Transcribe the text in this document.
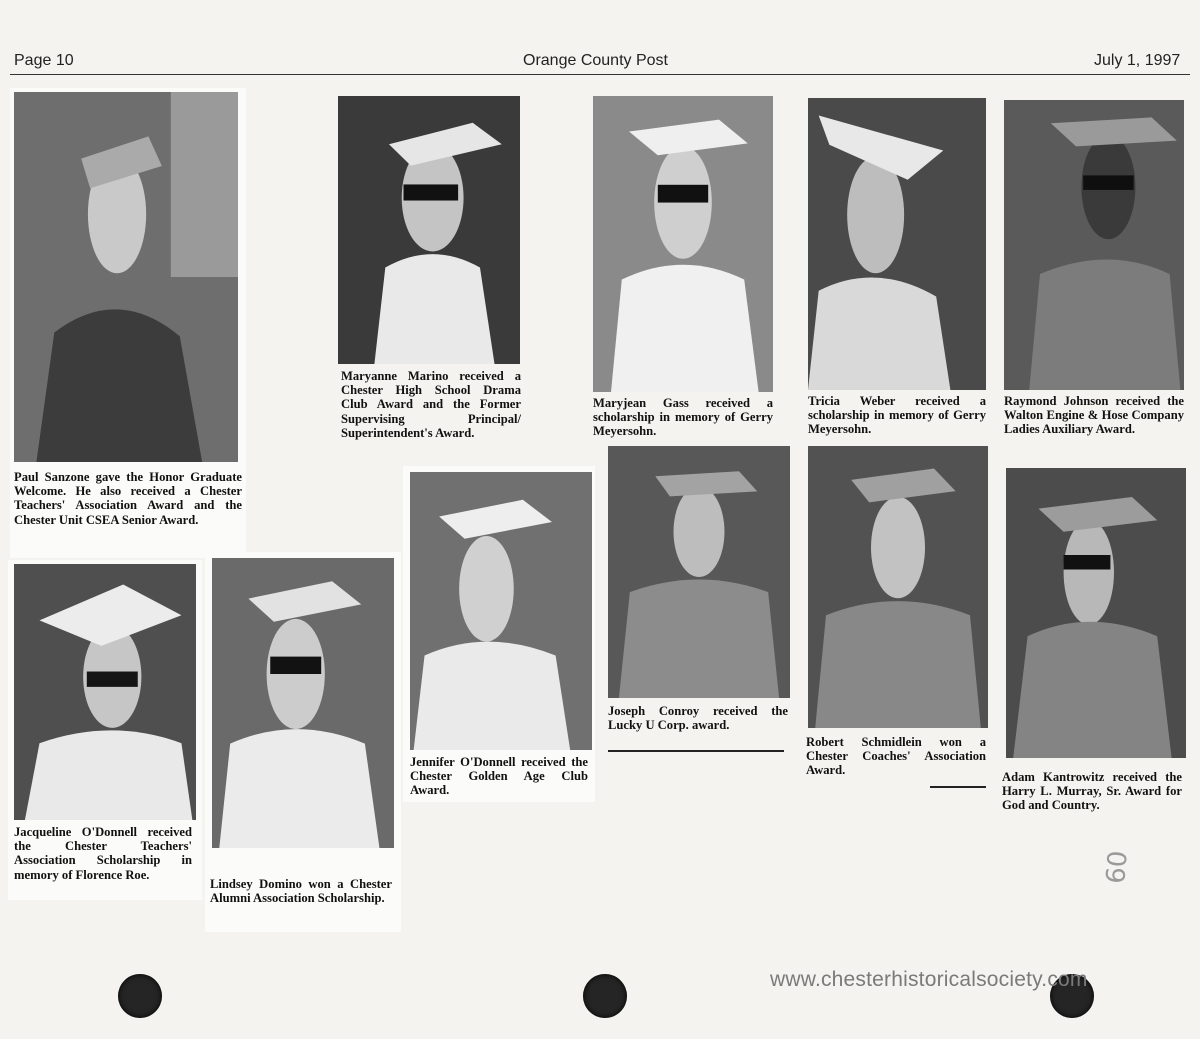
Page 10	Orange County Post	July 1, 1997
Paul Sanzone gave the Honor Graduate Welcome. He also received a Chester Teachers' Association Award and the Chester Unit CSEA Senior Award.
Maryanne Marino received a Chester High School Drama Club Award and the Former Supervising Principal/ Superintendent's Award.
Maryjean Gass received a scholarship in memory of Gerry Meyersohn.
Tricia Weber received a scholarship in memory of Gerry Meyersohn.
Raymond Johnson received the Walton Engine & Hose Company Ladies Auxiliary Award.
Jacqueline O'Donnell received the Chester Teachers' Association Scholarship in memory of Florence Roe.
Lindsey Domino won a Chester Alumni Association Scholarship.
Jennifer O'Donnell received the Chester Golden Age Club Award.
Joseph Conroy received the Lucky U Corp. award.
Robert Schmidlein won a Chester Coaches' Association Award.	Adam Kantrowitz received the Harry L. Murray, Sr. Award for God and Country.
09
www.chesterhistoricalsociety.com
